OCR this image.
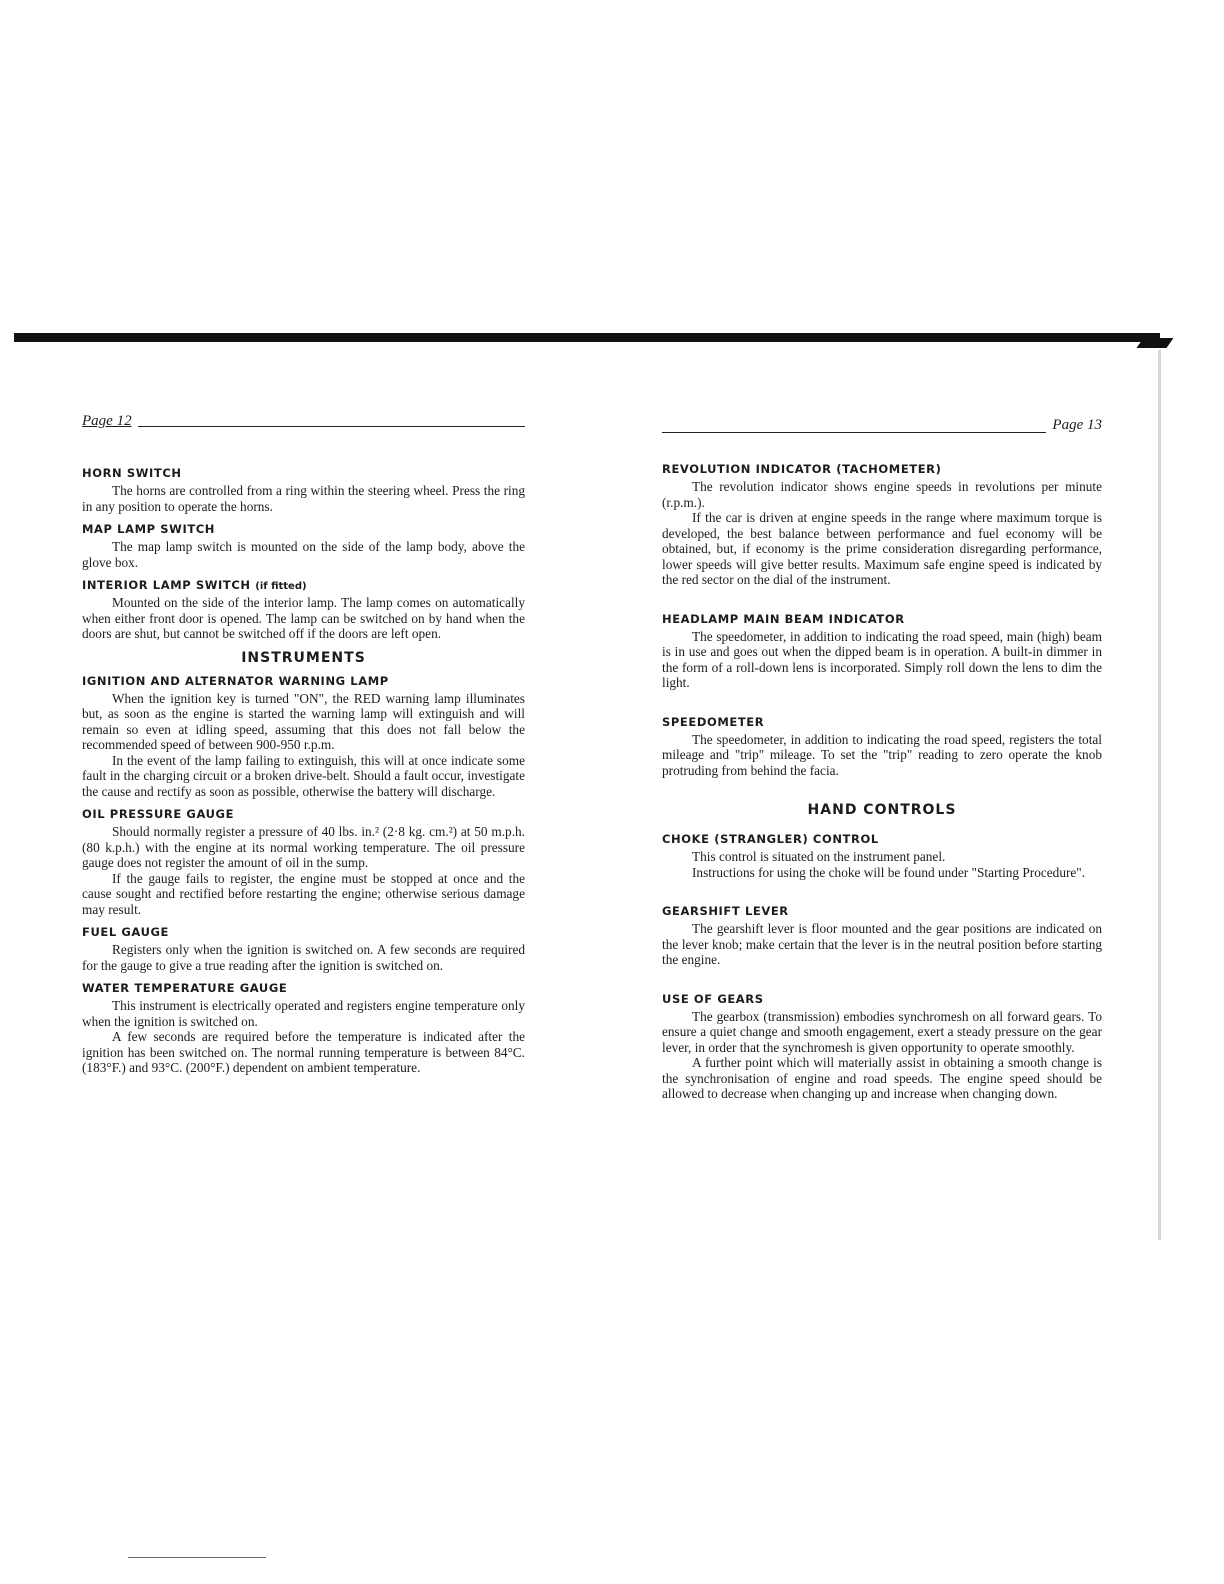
Page 12
HORN SWITCH

The horns are controlled from a ring within the steering wheel. Press the ring in any position to operate the horns.

MAP LAMP SWITCH

The map lamp switch is mounted on the side of the lamp body, above the glove box.

INTERIOR LAMP SWITCH (if fitted)

Mounted on the side of the interior lamp. The lamp comes on automatically when either front door is opened. The lamp can be switched on by hand when the doors are shut, but cannot be switched off if the doors are left open.

INSTRUMENTS
IGNITION AND ALTERNATOR WARNING LAMP

When the ignition key is turned "ON", the RED warning lamp illuminates but, as soon as the engine is started the warning lamp will extinguish and will remain so even at idling speed, assuming that this does not fall below the recommended speed of between 900-950 r.p.m.

In the event of the lamp failing to extinguish, this will at once indicate some fault in the charging circuit or a broken drive-belt. Should a fault occur, investigate the cause and rectify as soon as possible, otherwise the battery will discharge.

OIL PRESSURE GAUGE

Should normally register a pressure of 40 lbs. in.² (2·8 kg. cm.²) at 50 m.p.h. (80 k.p.h.) with the engine at its normal working temperature. The oil pressure gauge does not register the amount of oil in the sump.

If the gauge fails to register, the engine must be stopped at once and the cause sought and rectified before restarting the engine; otherwise serious damage may result.

FUEL GAUGE

Registers only when the ignition is switched on. A few seconds are required for the gauge to give a true reading after the ignition is switched on.

WATER TEMPERATURE GAUGE

This instrument is electrically operated and registers engine temperature only when the ignition is switched on.

A few seconds are required before the temperature is indicated after the ignition has been switched on. The normal running temperature is between 84°C. (183°F.) and 93°C. (200°F.) dependent on ambient temperature.

Page 13
REVOLUTION INDICATOR (TACHOMETER)

The revolution indicator shows engine speeds in revolutions per minute (r.p.m.).

If the car is driven at engine speeds in the range where maximum torque is developed, the best balance between performance and fuel economy will be obtained, but, if economy is the prime consideration disregarding performance, lower speeds will give better results. Maximum safe engine speed is indicated by the red sector on the dial of the instrument.

HEADLAMP MAIN BEAM INDICATOR

The speedometer, in addition to indicating the road speed, main (high) beam is in use and goes out when the dipped beam is in operation. A built-in dimmer in the form of a roll-down lens is incorporated. Simply roll down the lens to dim the light.

SPEEDOMETER

The speedometer, in addition to indicating the road speed, registers the total mileage and "trip" mileage. To set the "trip" reading to zero operate the knob protruding from behind the facia.

HAND CONTROLS
CHOKE (STRANGLER) CONTROL

This control is situated on the instrument panel.

Instructions for using the choke will be found under "Starting Procedure".

GEARSHIFT LEVER

The gearshift lever is floor mounted and the gear positions are indicated on the lever knob; make certain that the lever is in the neutral position before starting the engine.

USE OF GEARS

The gearbox (transmission) embodies synchromesh on all forward gears. To ensure a quiet change and smooth engagement, exert a steady pressure on the gear lever, in order that the synchromesh is given opportunity to operate smoothly.

A further point which will materially assist in obtaining a smooth change is the synchronisation of engine and road speeds. The engine speed should be allowed to decrease when changing up and increase when changing down.
